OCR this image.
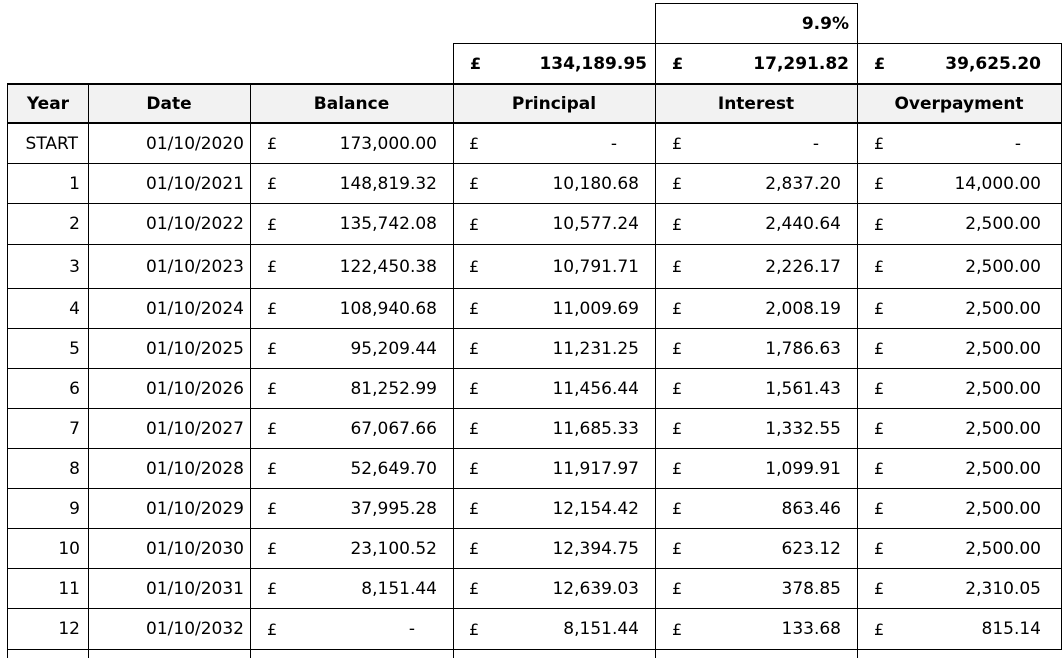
9.9%
£	134,189.95 £	17,291.82 £	39,625.20
Year	Date	Balance	Principal	Interest	Overpayment
START	01/10/2020 £	173,000.00 £	-	£	-	£	-
1	01/10/2021 £	148,819.32 £	10,180.68 £	2,837.20 £	14,000.00
2	01/10/2022 £	135,742.08 £	10,577.24 £	2,440.64 £	2,500.00
3	01/10/2023 £	122,450.38 £	10,791.71 £	2,226.17 £	2,500.00
4	01/10/2024 £	108,940.68 £	11,009.69 £	2,008.19 £	2,500.00
5	01/10/2025 £	95,209.44 £	11,231.25 £	1,786.63 £	2,500.00
6	01/10/2026 £	81,252.99 £	11,456.44 £	1,561.43 £	2,500.00
7	01/10/2027 £	67,067.66 £	11,685.33 £	1,332.55 £	2,500.00
8	01/10/2028 £	52,649.70 £	11,917.97 £	1,099.91 £	2,500.00
9	01/10/2029 £	37,995.28 £	12,154.42 £	863.46 £	2,500.00
10	01/10/2030 £	23,100.52 £	12,394.75 £	623.12 £	2,500.00
11	01/10/2031 £	8,151.44 £	12,639.03 £	378.85 £	2,310.05
12	01/10/2032 £	-	£	8,151.44 £	133.68 £	815.14
